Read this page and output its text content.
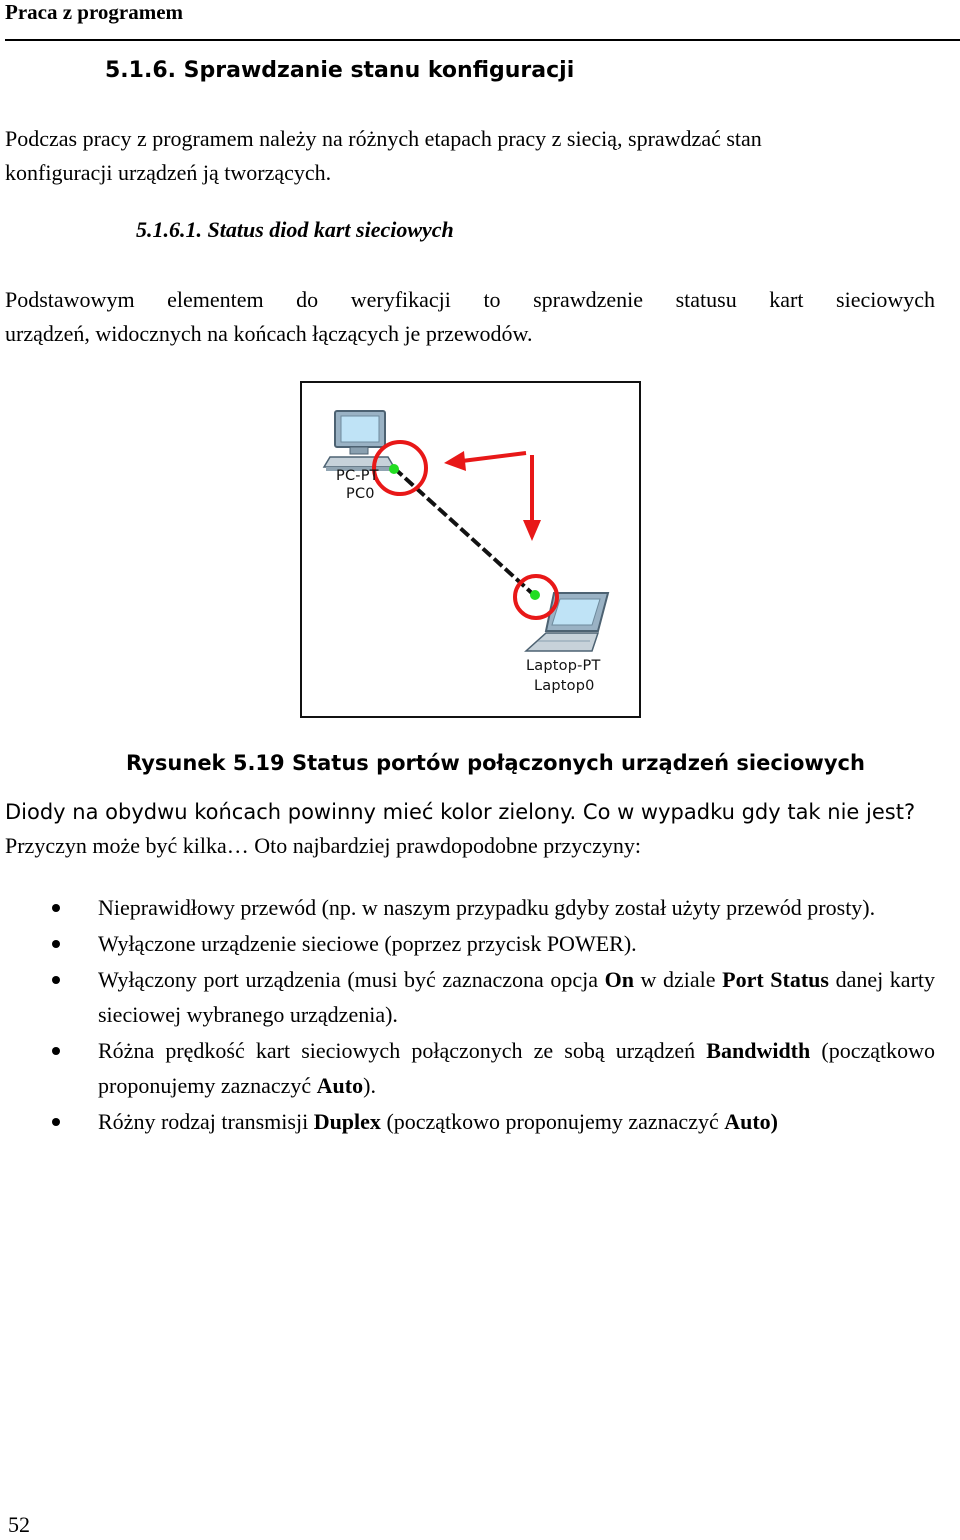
Praca z programem
5.1.6. Sprawdzanie stanu konfiguracji
Podczas pracy z programem należy na różnych etapach pracy z siecią, sprawdzać stan
konfiguracji urządzeń ją tworzących.
5.1.6.1. Status diod kart sieciowych
Podstawowym elementem do weryfikacji to sprawdzenie statusu kart sieciowych
urządzeń, widocznych na końcach łączących je przewodów.
PC-PT
PC0
Laptop-PT
Laptop0
Rysunek 5.19 Status portów połączonych urządzeń sieciowych
Diody na obydwu końcach powinny mieć kolor zielony. Co w wypadku gdy tak nie jest?
Przyczyn może być kilka… Oto najbardziej prawdopodobne przyczyny:
Nieprawidłowy przewód (np. w naszym przypadku gdyby został użyty przewód prosty).
Wyłączone urządzenie sieciowe (poprzez przycisk POWER).
Wyłączony port urządzenia (musi być zaznaczona opcja On w dziale Port Status danej karty sieciowej wybranego urządzenia).
Różna prędkość kart sieciowych połączonych ze sobą urządzeń Bandwidth (początkowo proponujemy zaznaczyć Auto).
Różny rodzaj transmisji Duplex (początkowo proponujemy zaznaczyć Auto)
52
